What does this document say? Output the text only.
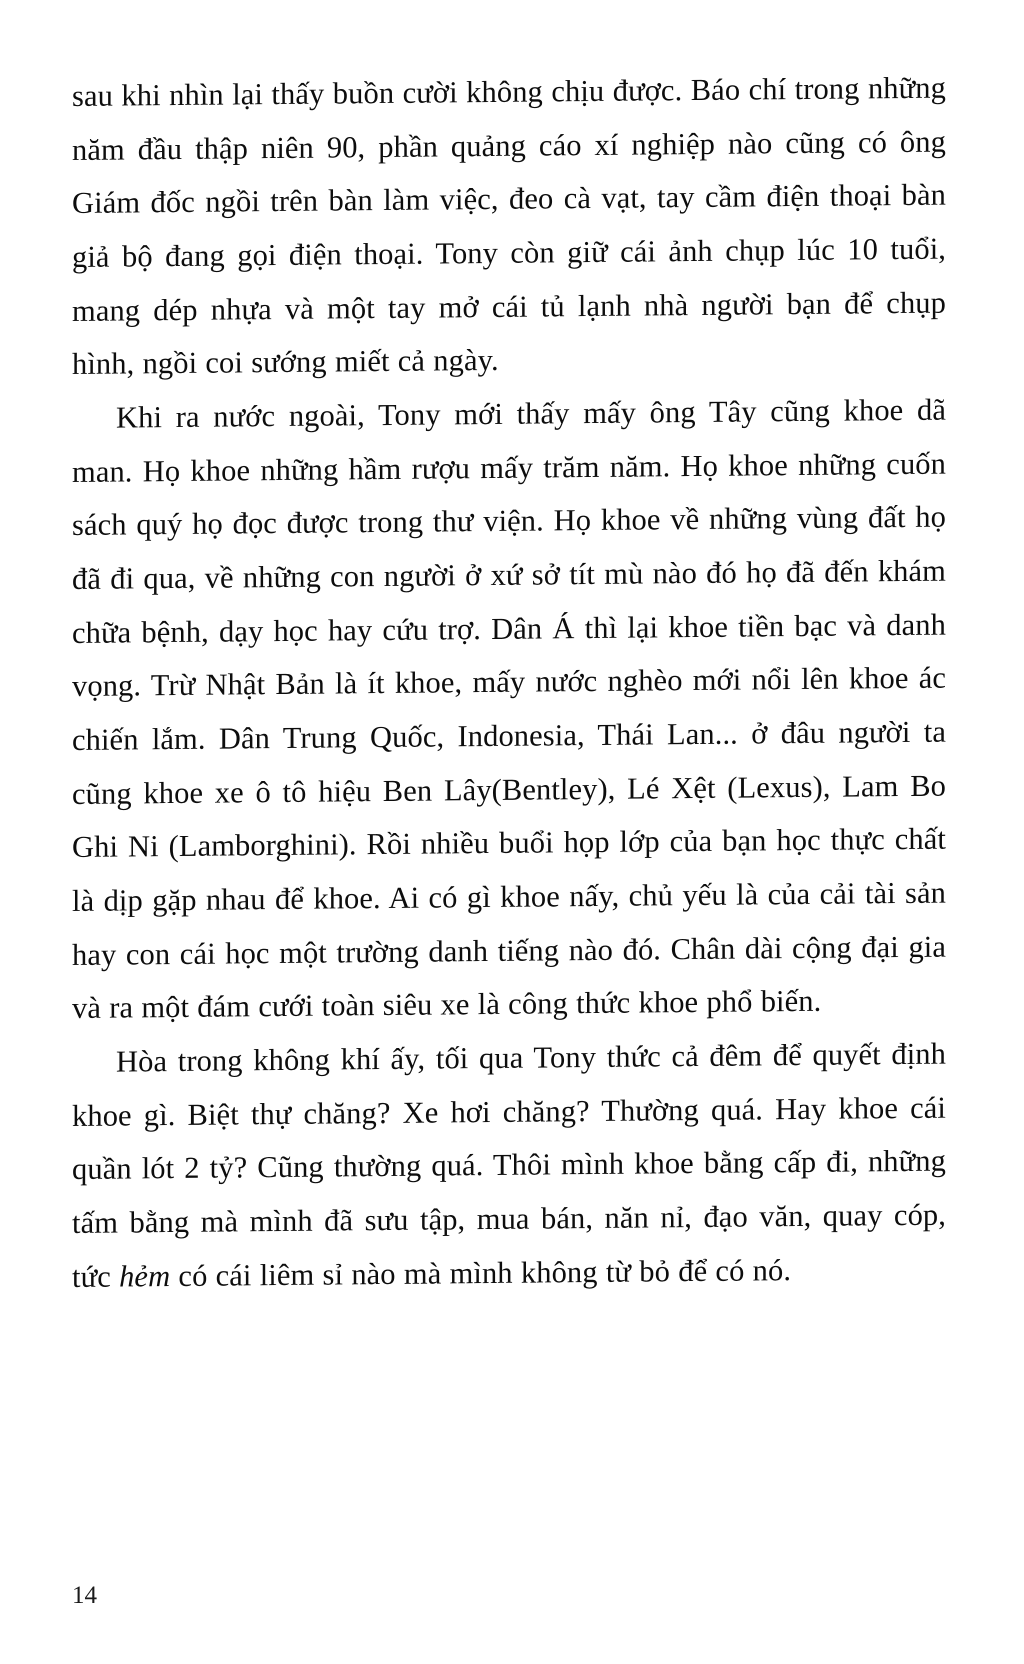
sau khi nhìn lại thấy buồn cười không chịu được. Báo chí trong những năm đầu thập niên 90, phần quảng cáo xí nghiệp nào cũng có ông Giám đốc ngồi trên bàn làm việc, đeo cà vạt, tay cầm điện thoại bàn giả bộ đang gọi điện thoại. Tony còn giữ cái ảnh chụp lúc 10 tuổi, mang dép nhựa và một tay mở cái tủ lạnh nhà người bạn để chụp hình, ngồi coi sướng miết cả ngày.

Khi ra nước ngoài, Tony mới thấy mấy ông Tây cũng khoe dã man. Họ khoe những hầm rượu mấy trăm năm. Họ khoe những cuốn sách quý họ đọc được trong thư viện. Họ khoe về những vùng đất họ đã đi qua, về những con người ở xứ sở tít mù nào đó họ đã đến khám chữa bệnh, dạy học hay cứu trợ. Dân Á thì lại khoe tiền bạc và danh vọng. Trừ Nhật Bản là ít khoe, mấy nước nghèo mới nổi lên khoe ác chiến lắm. Dân Trung Quốc, Indonesia, Thái Lan... ở đâu người ta cũng khoe xe ô tô hiệu Ben Lây(Bentley), Lé Xệt (Lexus), Lam Bo Ghi Ni (Lamborghini). Rồi nhiều buổi họp lớp của bạn học thực chất là dịp gặp nhau để khoe. Ai có gì khoe nấy, chủ yếu là của cải tài sản hay con cái học một trường danh tiếng nào đó. Chân dài cộng đại gia và ra một đám cưới toàn siêu xe là công thức khoe phổ biến.

Hòa trong không khí ấy, tối qua Tony thức cả đêm để quyết định khoe gì. Biệt thự chăng? Xe hơi chăng? Thường quá. Hay khoe cái quần lót 2 tỷ? Cũng thường quá. Thôi mình khoe bằng cấp đi, những tấm bằng mà mình đã sưu tập, mua bán, năn nỉ, đạo văn, quay cóp, tức hẻm có cái liêm sỉ nào mà mình không từ bỏ để có nó.

14
